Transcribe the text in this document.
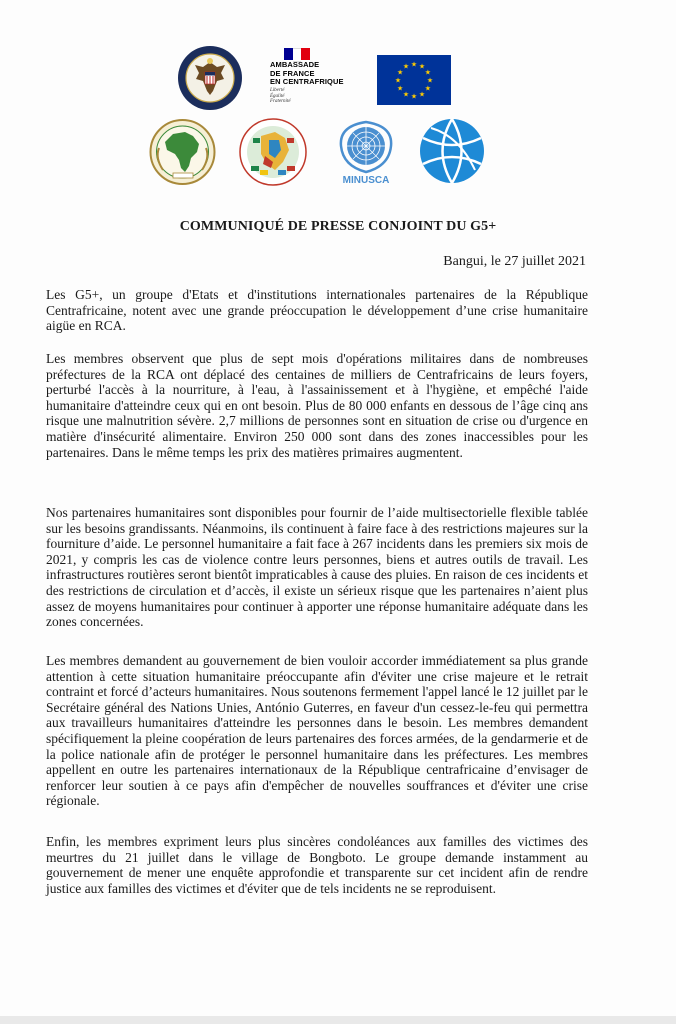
AMBASSADE
DE FRANCE
EN CENTRAFRIQUE
Liberté
Égalité
Fraternité
★ ★
★
★
★
★
★
★
★
★
★
★
MINUSCA
COMMUNIQUÉ DE PRESSE CONJOINT DU G5+
Bangui, le 27 juillet 2021

Les G5+, un groupe d'Etats et d'institutions internationales partenaires de la République Centrafricaine, notent avec une grande préoccupation le développement d’une crise humanitaire aigüe en RCA.

Les membres observent que plus de sept mois d'opérations militaires dans de nombreuses préfectures de la RCA ont déplacé des centaines de milliers de Centrafricains de leurs foyers, perturbé l'accès à la nourriture, à l'eau, à l'assainissement et à l'hygiène, et empêché l'aide humanitaire d'atteindre ceux qui en ont besoin. Plus de 80 000 enfants en dessous de l’âge cinq ans risque une malnutrition sévère. 2,7 millions de personnes sont en situation de crise ou d'urgence en matière d'insécurité alimentaire. Environ 250 000 sont dans des zones inaccessibles pour les partenaires. Dans le même temps les prix des matières primaires augmentent.

Nos partenaires humanitaires sont disponibles pour fournir de l’aide multisectorielle flexible tablée sur les besoins grandissants. Néanmoins, ils continuent à faire face à des restrictions majeures sur la fourniture d’aide. Le personnel humanitaire a fait face à 267 incidents dans les premiers six mois de 2021, y compris les cas de violence contre leurs personnes, biens et autres outils de travail. Les infrastructures routières seront bientôt impraticables à cause des pluies. En raison de ces incidents et des restrictions de circulation et d’accès, il existe un sérieux risque que les partenaires n’aient plus assez de moyens humanitaires pour continuer à apporter une réponse humanitaire adéquate dans les zones concernées.

Les membres demandent au gouvernement de bien vouloir accorder immédiatement sa plus grande attention à cette situation humanitaire préoccupante afin d'éviter une crise majeure et le retrait contraint et forcé d’acteurs humanitaires. Nous soutenons fermement l'appel lancé le 12 juillet par le Secrétaire général des Nations Unies, António Guterres, en faveur d'un cessez-le-feu qui permettra aux travailleurs humanitaires d'atteindre les personnes dans le besoin. Les membres demandent spécifiquement la pleine coopération de leurs partenaires des forces armées, de la gendarmerie et de la police nationale afin de protéger le personnel humanitaire dans les préfectures. Les membres appellent en outre les partenaires internationaux de la République centrafricaine d’envisager de renforcer leur soutien à ce pays afin d'empêcher de nouvelles souffrances et d'éviter une crise régionale.

Enfin, les membres expriment leurs plus sincères condoléances aux familles des victimes des meurtres du 21 juillet dans le village de Bongboto. Le groupe demande instamment au gouvernement de mener une enquête approfondie et transparente sur cet incident afin de rendre justice aux familles des victimes et d'éviter que de tels incidents ne se reproduisent.
